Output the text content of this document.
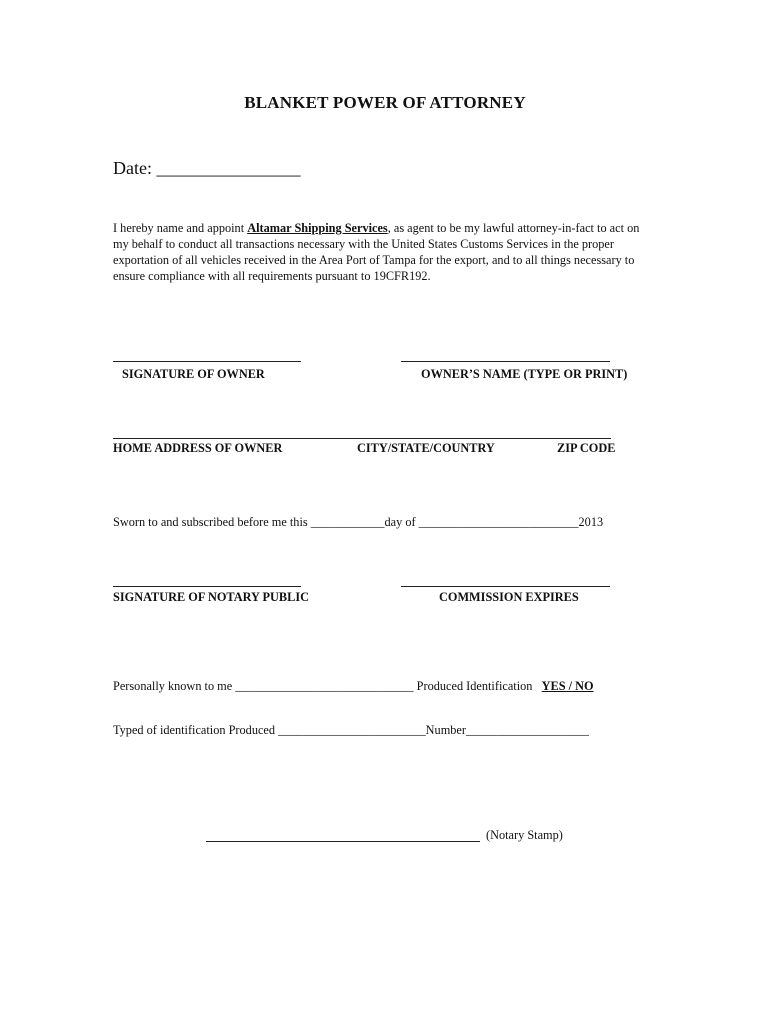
BLANKET POWER OF ATTORNEY
Date: ________________
I hereby name and appoint Altamar Shipping Services, as agent to be my lawful attorney-in-fact to act on
my behalf to conduct all transactions necessary with the United States Customs Services in the proper
exportation of all vehicles received in the Area Port of Tampa for the export, and to all things necessary to
ensure compliance with all requirements pursuant to 19CFR192.
SIGNATURE OF OWNER	OWNER’S NAME (TYPE OR PRINT)
HOME ADDRESS OF OWNER	CITY/STATE/COUNTRY	ZIP CODE
Sworn to and subscribed before me this ____________day of __________________________2013
SIGNATURE OF NOTARY PUBLIC	COMMISSION EXPIRES
Personally known to me _____________________________ Produced Identification YES / NO
Typed of identification Produced ________________________Number____________________
(Notary Stamp)
